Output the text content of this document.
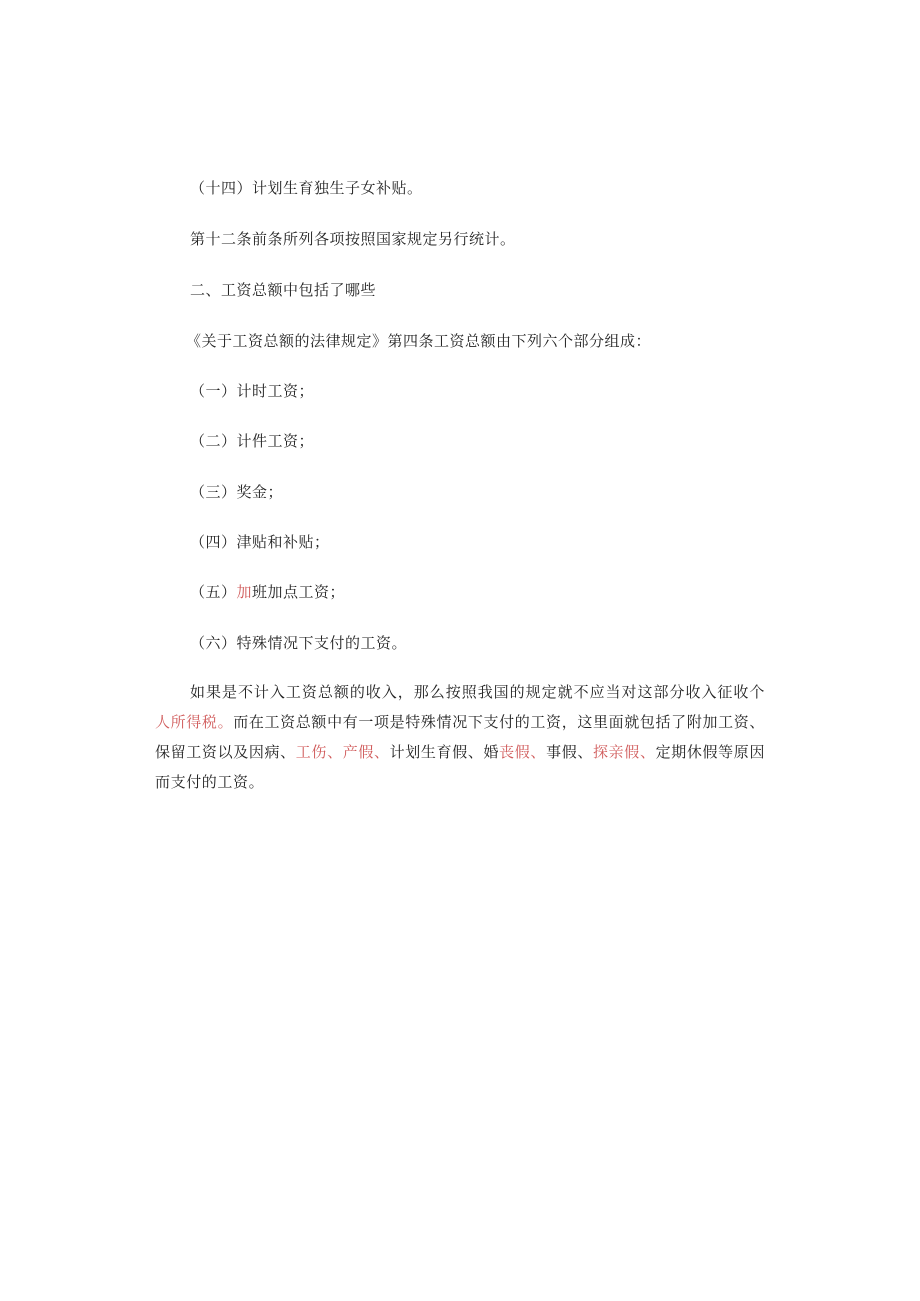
（十四）计划生育独生子女补贴。
第十二条前条所列各项按照国家规定另行统计。
二、工资总额中包括了哪些
《关于工资总额的法律规定》第四条工资总额由下列六个部分组成：
（一）计时工资；
（二）计件工资；
（三）奖金；
（四）津贴和补贴；
（五）加班加点工资；
（六）特殊情况下支付的工资。
如果是不计入工资总额的收入，那么按照我国的规定就不应当对这部分收入征收个人所得税。而在工资总额中有一项是特殊情况下支付的工资，这里面就包括了附加工资、保留工资以及因病、工伤、产假、计划生育假、婚丧假、事假、探亲假、定期休假等原因而支付的工资。
